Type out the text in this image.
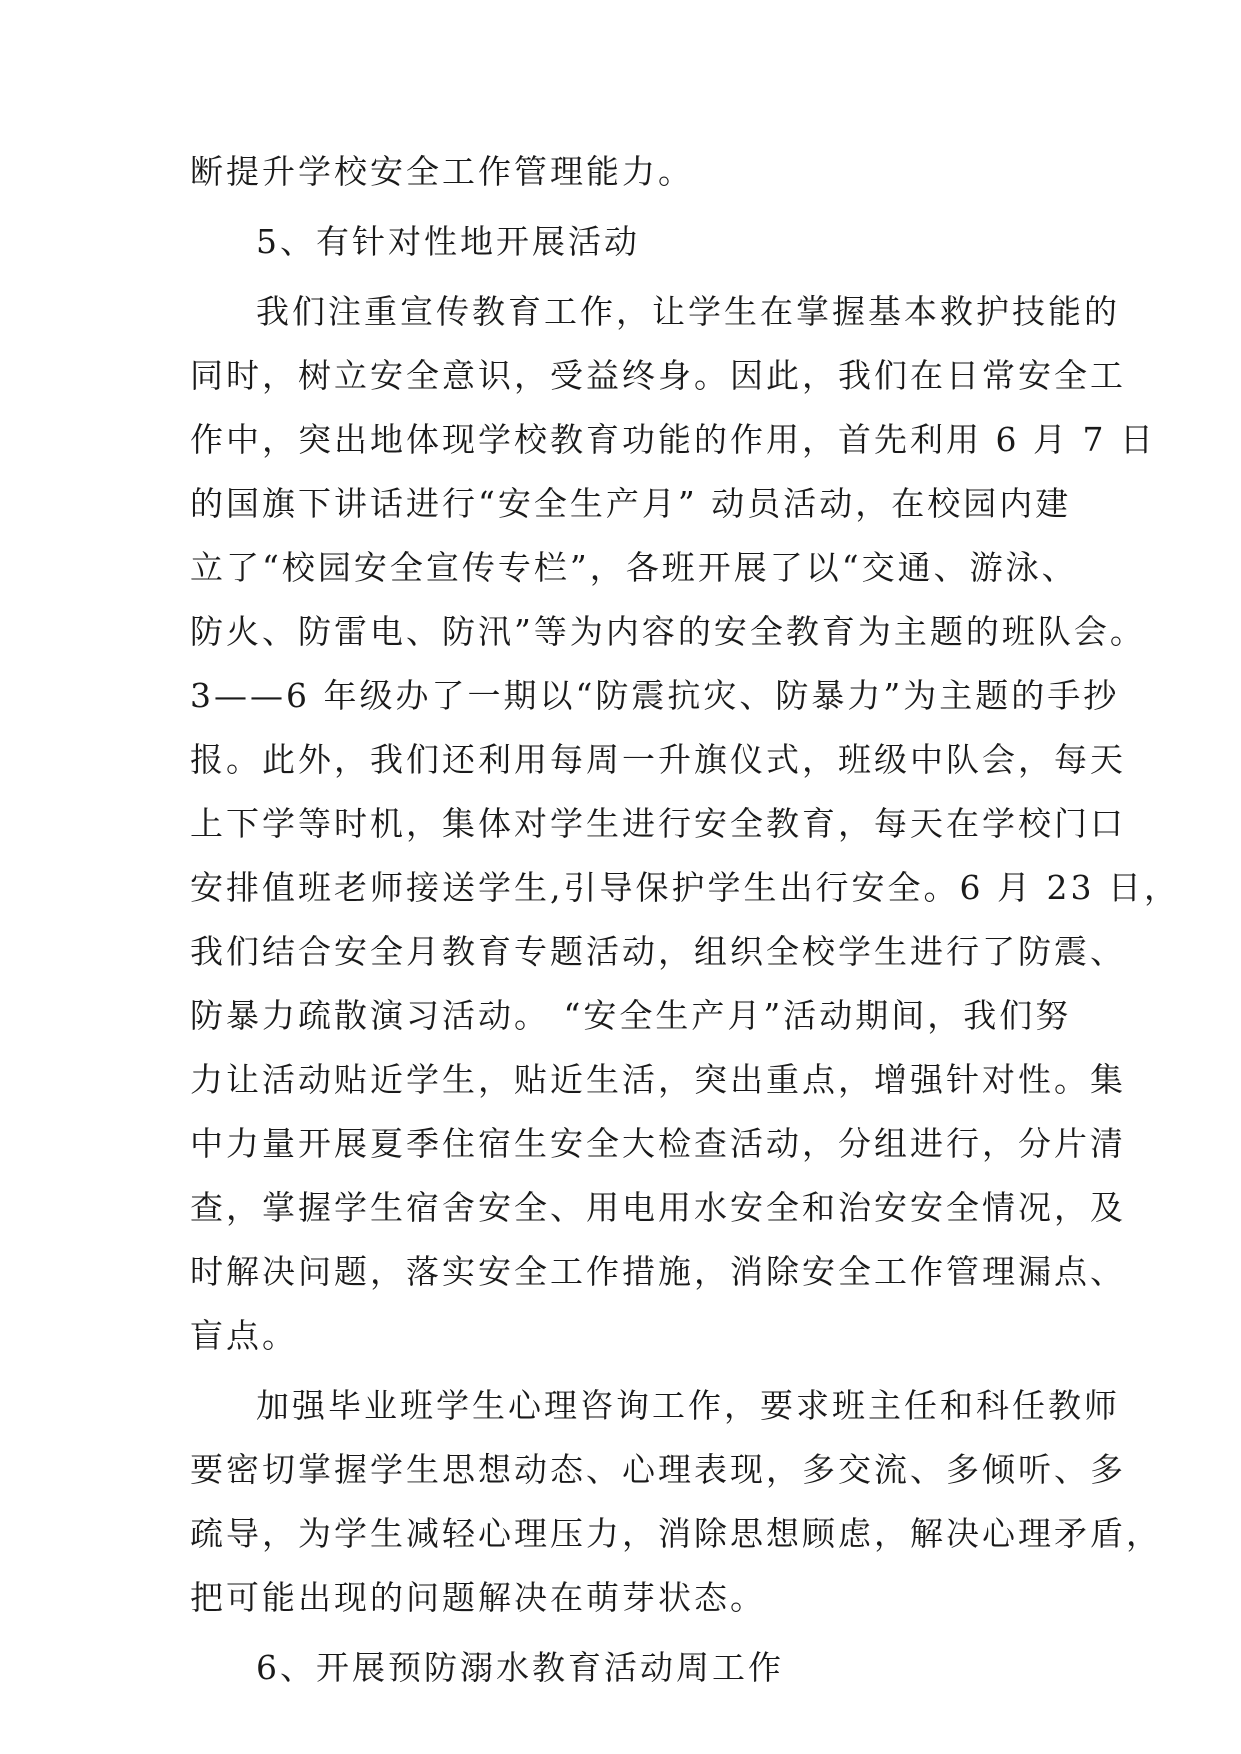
断提升学校安全工作管理能力。
5、有针对性地开展活动
我们注重宣传教育工作，让学生在掌握基本救护技能的
同时，树立安全意识，受益终身。因此，我们在日常安全工
作中，突出地体现学校教育功能的作用，首先利用 6 月 7 日
的国旗下讲话进行“安全生产月” 动员活动，在校园内建
立了“校园安全宣传专栏”，各班开展了以“交通、游泳、
防火、防雷电、防汛”等为内容的安全教育为主题的班队会。
3——6 年级办了一期以“防震抗灾、防暴力”为主题的手抄
报。此外，我们还利用每周一升旗仪式，班级中队会，每天
上下学等时机，集体对学生进行安全教育，每天在学校门口
安排值班老师接送学生,引导保护学生出行安全。6 月 23 日，
我们结合安全月教育专题活动，组织全校学生进行了防震、
防暴力疏散演习活动。 “安全生产月”活动期间，我们努
力让活动贴近学生，贴近生活，突出重点，增强针对性。集
中力量开展夏季住宿生安全大检查活动，分组进行，分片清
查，掌握学生宿舍安全、用电用水安全和治安安全情况，及
时解决问题，落实安全工作措施，消除安全工作管理漏点、
盲点。
加强毕业班学生心理咨询工作，要求班主任和科任教师
要密切掌握学生思想动态、心理表现，多交流、多倾听、多
疏导，为学生减轻心理压力，消除思想顾虑，解决心理矛盾，
把可能出现的问题解决在萌芽状态。
6、开展预防溺水教育活动周工作
